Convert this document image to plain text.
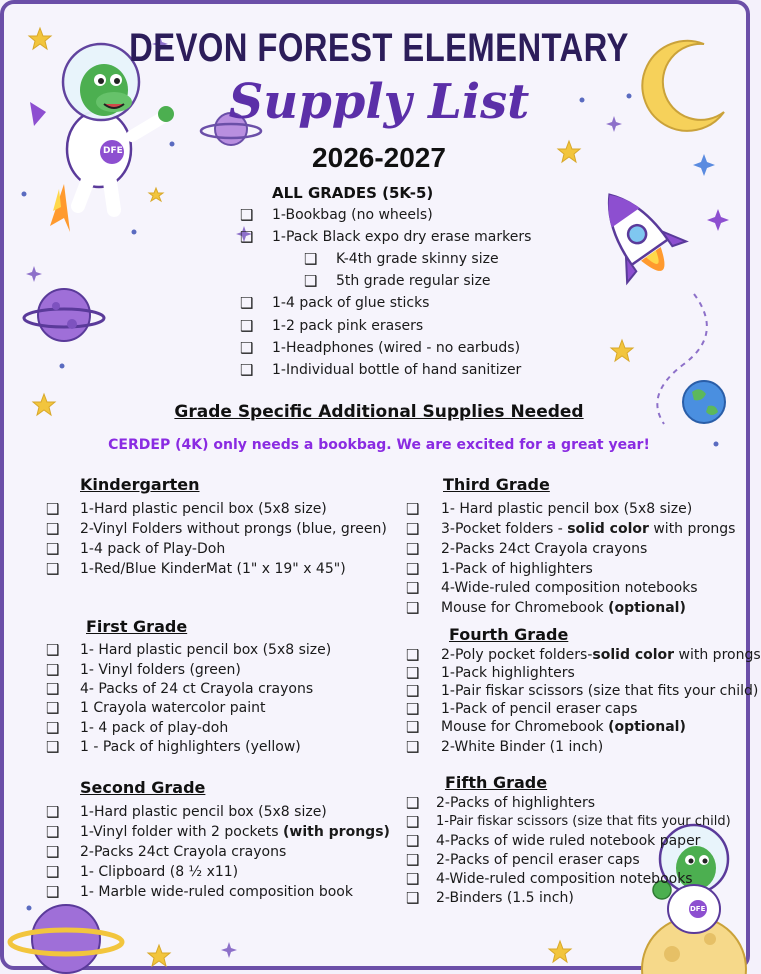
DFE
DFE
DEVON FOREST ELEMENTARY
Supply List
2026-2027
ALL GRADES (5K-5)
❑ 1-Bookbag (no wheels)
❑ 1-Pack Black expo dry erase markers
❑ K-4th grade skinny size
❑ 5th grade regular size
❑ 1-4 pack of glue sticks
❑ 1-2 pack pink erasers
❑ 1-Headphones (wired - no earbuds)
❑ 1-Individual bottle of hand sanitizer
Grade Specific Additional Supplies Needed
CERDEP (4K) only needs a bookbag. We are excited for a great year!
Kindergarten
❑ 1-Hard plastic pencil box (5x8 size)
❑ 2-Vinyl Folders without prongs (blue, green)
❑ 1-4 pack of Play-Doh
❑ 1-Red/Blue KinderMat (1" x 19" x 45")
First Grade
❑ 1- Hard plastic pencil box (5x8 size)
❑ 1- Vinyl folders (green)
❑ 4- Packs of 24 ct Crayola crayons
❑ 1 Crayola watercolor paint
❑ 1- 4 pack of play-doh
❑ 1 - Pack of highlighters (yellow)
Second Grade
❑ 1-Hard plastic pencil box (5x8 size)
❑ 1-Vinyl folder with 2 pockets (with prongs)
❑ 2-Packs 24ct Crayola crayons
❑ 1- Clipboard (8 ½ x11)
❑ 1- Marble wide-ruled composition book
Third Grade
❑ 1- Hard plastic pencil box (5x8 size)
❑ 3-Pocket folders - solid color with prongs
❑ 2-Packs 24ct Crayola crayons
❑ 1-Pack of highlighters
❑ 4-Wide-ruled composition notebooks
❑ Mouse for Chromebook (optional)
Fourth Grade
❑ 2-Poly pocket folders-solid color with prongs
❑ 1-Pack highlighters
❑ 1-Pair fiskar scissors (size that fits your child)
❑ 1-Pack of pencil eraser caps
❑ Mouse for Chromebook (optional)
❑ 2-White Binder (1 inch)
Fifth Grade
❑ 2-Packs of highlighters
❑ 1-Pair fiskar scissors (size that fits your child)
❑ 4-Packs of wide ruled notebook paper
❑ 2-Packs of pencil eraser caps
❑ 4-Wide-ruled composition notebooks
❑ 2-Binders (1.5 inch)
